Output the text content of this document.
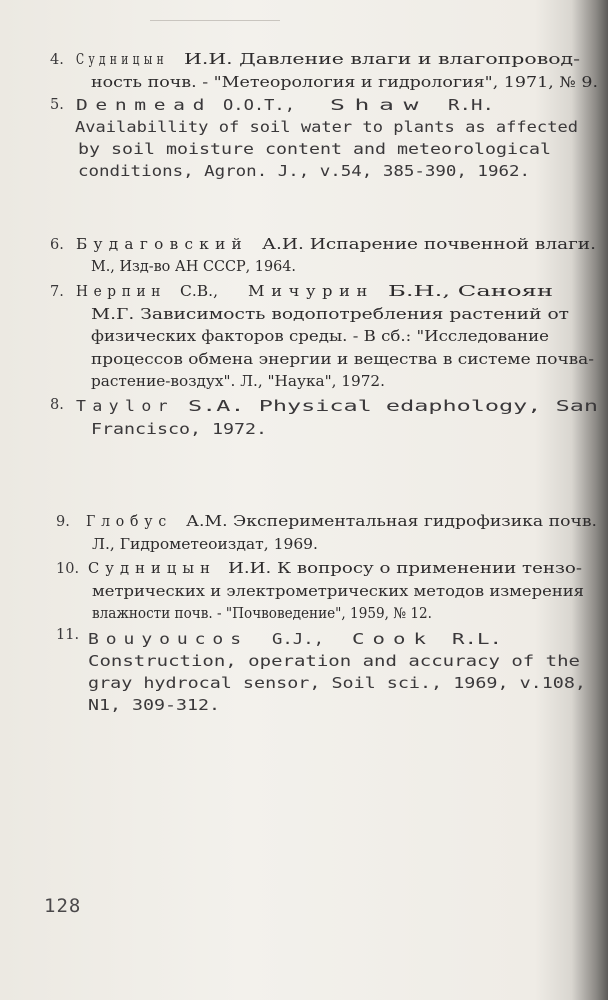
4. Судницын И.И. Давление влаги и влагопровод-
ность почв. - "Метеорология и гидрология", 1971, № 9.
5. Denmead O.O.T., Shaw R.H.
Availabillity of soil water to plants as affected
by soil moisture content and meteorological
conditions, Agron. J., v.54, 385-390, 1962.
6. Будаговский А.И. Испарение почвенной влаги.
М., Изд-во АН СССР, 1964.
7. Нерпин С.В., Мичурин Б.Н., Саноян
М.Г. Зависимость водопотребления растений от
физических факторов среды. - В сб.: "Исследование
процессов обмена энергии и вещества в системе почва-
растение-воздух". Л., "Наука", 1972.
8. Taylor S.A. Physical edaphology, San
Francisco, 1972.
9. Глобус А.М. Экспериментальная гидрофизика почв.
Л., Гидрометеоиздат, 1969.
10. Судницын И.И. К вопросу о применении тензо-
метрических и электрометрических методов измерения
влажности почв. - "Почвоведение", 1959, № 12.
11. Bouyoucos G.J., Cook R.L.
Construction, operation and accuracy of the
gray hydrocal sensor, Soil sci., 1969, v.108,
N1, 309-312.
128
